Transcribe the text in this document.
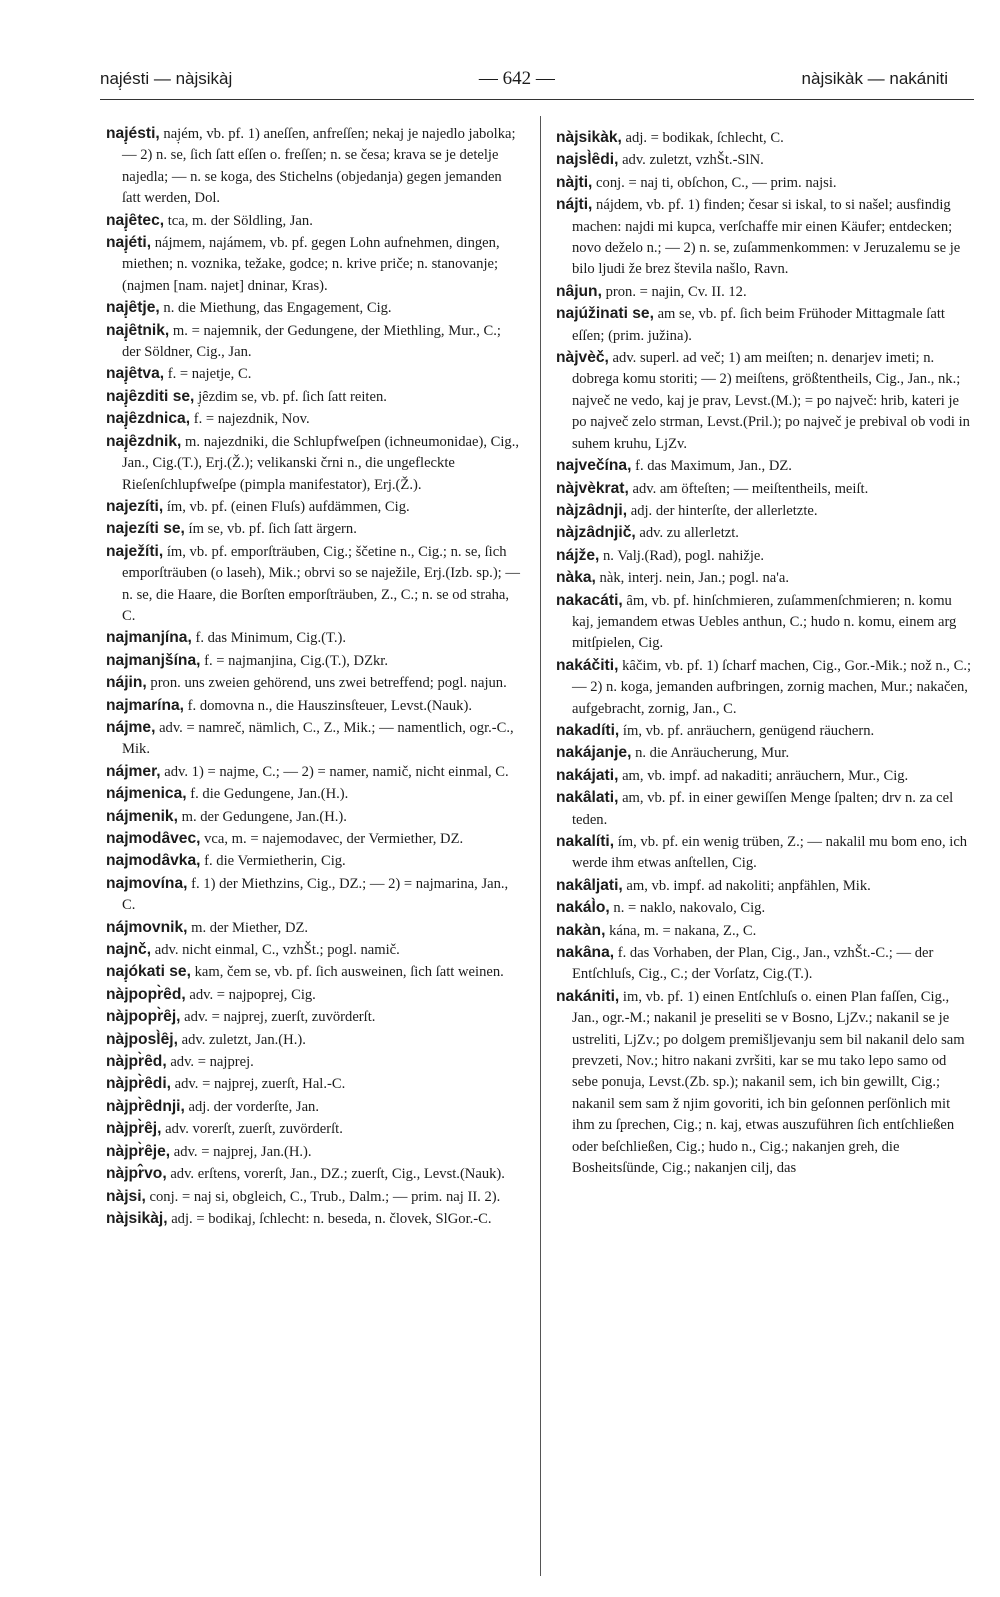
naj̣ésti — nàjsikàj	— 642 —	nàjsikàk — nakániti

naj̣ésti, naj̣ém, vb. pf. 1) aneſſen, anfreſſen; nekaj je najedlo jabolka; — 2) n. se, ſich ſatt eſſen o. freſſen; n. se česa; krava se je detelje najedla; — n. se koga, des Stichelns (objedanja) gegen jemanden ſatt werden, Dol.

naj̣ȇtec, tca, m. der Söldling, Jan.

naj̣éti, nájmem, najámem, vb. pf. gegen Lohn aufnehmen, dingen, miethen; n. voznika, težake, godce; n. krive priče; n. stanovanje; (najmen [nam. najet] dninar, Kras).

naj̣ȇtje, n. die Miethung, das Engagement, Cig.

naj̣ȇtnik, m. = najemnik, der Gedungene, der Miethling, Mur., C.; der Söldner, Cig., Jan.

naj̣ȇtva, f. = najetje, C.

naj̣ȇzditi se, j̣ȇzdim se, vb. pf. ſich ſatt reiten.

naj̣ȇzdnica, f. = najezdnik, Nov.

naj̣ȇzdnik, m. najezdniki, die Schlupfweſpen (ichneumonidae), Cig., Jan., Cig.(T.), Erj.(Ž.); velikanski črni n., die ungefleckte Rieſenſchlupfweſpe (pimpla manifestator), Erj.(Ž.).

najezíti, ím, vb. pf. (einen Fluſs) aufdämmen, Cig.

najezíti se, ím se, vb. pf. ſich ſatt ärgern.

naježíti, ím, vb. pf. emporſträuben, Cig.; ščetine n., Cig.; n. se, ſich emporſträuben (o laseh), Mik.; obrvi so se naježile, Erj.(Izb. sp.); — n. se, die Haare, die Borſten emporſträuben, Z., C.; n. se od straha, C.

najmanjína, f. das Minimum, Cig.(T.).

najmanjšína, f. = najmanjina, Cig.(T.), DZkr.

nájin, pron. uns zweien gehörend, uns zwei betreffend; pogl. najun.

najmarína, f. domovna n., die Hauszinsſteuer, Levst.(Nauk).

nájme, adv. = namreč, nämlich, C., Z., Mik.; — namentlich, ogr.-C., Mik.

nájmer, adv. 1) = najme, C.; — 2) = namer, namič, nicht einmal, C.

nájmenica, f. die Gedungene, Jan.(H.).

nájmenik, m. der Gedungene, Jan.(H.).

najmodȃvec, vca, m. = najemodavec, der Vermiether, DZ.

najmodȃvka, f. die Vermietherin, Cig.

najmovína, f. 1) der Miethzins, Cig., DZ.; — 2) = najmarina, Jan., C.

nájmovnik, m. der Miether, DZ.

najnč, adv. nicht einmal, C., vzhŠt.; pogl. namič.

naj̣ókati se, kam, čem se, vb. pf. ſich ausweinen, ſich ſatt weinen.

nàjpopr̀ȇd, adv. = najpoprej, Cig.

nàjpopr̀ȇj, adv. = najprej, zuerſt, zuvörderſt.

nàjposl̀ȇj, adv. zuletzt, Jan.(H.).

nàjpr̀ȇd, adv. = najprej.

nàjpr̀ȇdi, adv. = najprej, zuerſt, Hal.-C.

nàjpr̀ȇdnji, adj. der vorderſte, Jan.

nàjpr̀ȇj, adv. vorerſt, zuerſt, zuvörderſt.

nàjpr̀ȇje, adv. = najprej, Jan.(H.).

nàjpr̂vo, adv. erſtens, vorerſt, Jan., DZ.; zuerſt, Cig., Levst.(Nauk).

nàjsi, conj. = naj si, obgleich, C., Trub., Dalm.; — prim. naj II. 2).

nàjsikàj, adj. = bodikaj, ſchlecht: n. beseda, n. človek, SlGor.-C.

nàjsikàk, adj. = bodikak, ſchlecht, C.

najsl̀ȇdi, adv. zuletzt, vzhŠt.-SlN.

nàjti, conj. = naj ti, obſchon, C., — prim. najsi.

nájti, nájdem, vb. pf. 1) finden; česar si iskal, to si našel; ausfindig machen: najdi mi kupca, verſchaffe mir einen Käufer; entdecken; novo deželo n.; — 2) n. se, zuſammenkommen: v Jeruzalemu se je bilo ljudi že brez števila našlo, Ravn.

nȃjun, pron. = najin, Cv. II. 12.

najúžinati se, am se, vb. pf. ſich beim Frühoder Mittagmale ſatt eſſen; (prim. južina).

nàjvèč, adv. superl. ad več; 1) am meiſten; n. denarjev imeti; n. dobrega komu storiti; — 2) meiſtens, größtentheils, Cig., Jan., nk.; največ ne vedo, kaj je prav, Levst.(M.); = po največ: hrib, kateri je po največ zelo strman, Levst.(Pril.); po največ je prebival ob vodi in suhem kruhu, LjZv.

največína, f. das Maximum, Jan., DZ.

nàjvèkrat, adv. am öfteſten; — meiſtentheils, meiſt.

nàjzȃdnji, adj. der hinterſte, der allerletzte.

nàjzȃdnjič, adv. zu allerletzt.

nájže, n. Valj.(Rad), pogl. nahižje.

nàka, nàk, interj. nein, Jan.; pogl. na'a.

nakacáti, ȃm, vb. pf. hinſchmieren, zuſammenſchmieren; n. komu kaj, jemandem etwas Uebles anthun, C.; hudo n. komu, einem arg mitſpielen, Cig.

nakáčiti, kȃčim, vb. pf. 1) ſcharf machen, Cig., Gor.-Mik.; nož n., C.; — 2) n. koga, jemanden aufbringen, zornig machen, Mur.; nakačen, aufgebracht, zornig, Jan., C.

nakadíti, ím, vb. pf. anräuchern, genügend räuchern.

nakájanje, n. die Anräucherung, Mur.

nakájati, am, vb. impf. ad nakaditi; anräuchern, Mur., Cig.

nakȃlati, am, vb. pf. in einer gewiſſen Menge ſpalten; drv n. za cel teden.

nakalíti, ím, vb. pf. ein wenig trüben, Z.; — nakalil mu bom eno, ich werde ihm etwas anſtellen, Cig.

nakȃljati, am, vb. impf. ad nakoliti; anpfählen, Mik.

nakál̀o, n. = naklo, nakovalo, Cig.

nakàn, kána, m. = nakana, Z., C.

nakȃna, f. das Vorhaben, der Plan, Cig., Jan., vzhŠt.-C.; — der Entſchluſs, Cig., C.; der Vorſatz, Cig.(T.).

nakániti, im, vb. pf. 1) einen Entſchluſs o. einen Plan faſſen, Cig., Jan., ogr.-M.; nakanil je preseliti se v Bosno, LjZv.; nakanil se je ustreliti, LjZv.; po dolgem premišljevanju sem bil nakanil delo sam prevzeti, Nov.; hitro nakani zvršiti, kar se mu tako lepo samo od sebe ponuja, Levst.(Zb. sp.); nakanil sem, ich bin gewillt, Cig.; nakanil sem sam ž njim govoriti, ich bin geſonnen perſönlich mit ihm zu ſprechen, Cig.; n. kaj, etwas auszuführen ſich entſchließen oder beſchließen, Cig.; hudo n., Cig.; nakanjen greh, die Bosheitsſünde, Cig.; nakanjen cilj, das
